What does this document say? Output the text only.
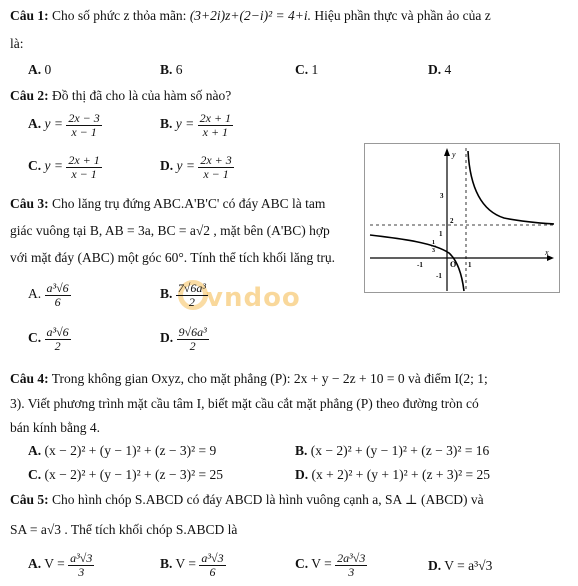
Câu 1: Cho số phức z thỏa mãn: (3+2i)z+(2−i)² = 4+i. Hiệu phần thực và phần ảo của z
là:
A. 0	B. 6	C. 1	D. 4
Câu 2: Đồ thị đã cho là của hàm số nào?
A. $y = \frac{2x - 3}{x - 1}$	B. $y = \frac{2x + 1}{x + 1}$
C. $y = \frac{2x + 1}{x - 1}$	D. $y = \frac{2x + 3}{x - 1}$	y
x
O
3
2
1
1
3
-1	1
-1
Câu 3: Cho lăng trụ đứng ABC.A'B'C' có đáy ABC là tam
giác vuông tại B, AB = 3a, BC = a√2 , mặt bên (A'BC) hợp
với mặt đáy (ABC) một góc 60°. Tính thể tích khối lăng trụ.
vndoo
A. $\frac{\text{a³√6}}{6}$	B. $\frac{\text{7√6a³}}{2}$
C. $\frac{\text{a³√6}}{2}$	D. $\frac{\text{9√6a³}}{2}$
Câu 4: Trong không gian Oxyz, cho mặt phẳng (P): 2x + y − 2z + 10 = 0 và điểm I(2; 1;
3). Viết phương trình mặt cầu tâm I, biết mặt cầu cắt mặt phẳng (P) theo đường tròn có
bán kính bằng 4.
A. (x − 2)² + (y − 1)² + (z − 3)² = 9	B. (x − 2)² + (y − 1)² + (z − 3)² = 16
C. (x − 2)² + (y − 1)² + (z − 3)² = 25	D. (x + 2)² + (y + 1)² + (z + 3)² = 25
Câu 5: Cho hình chóp S.ABCD có đáy ABCD là hình vuông cạnh a, SA ⊥ (ABCD) và
SA = a√3 . Thể tích khối chóp S.ABCD là
A. $V = \frac{\text{a³√3}}{3}$	B. $V = \frac{\text{a³√3}}{6}$	C. $V = \frac{\text{2a³√3}}{3}$	D. V = a³√3
